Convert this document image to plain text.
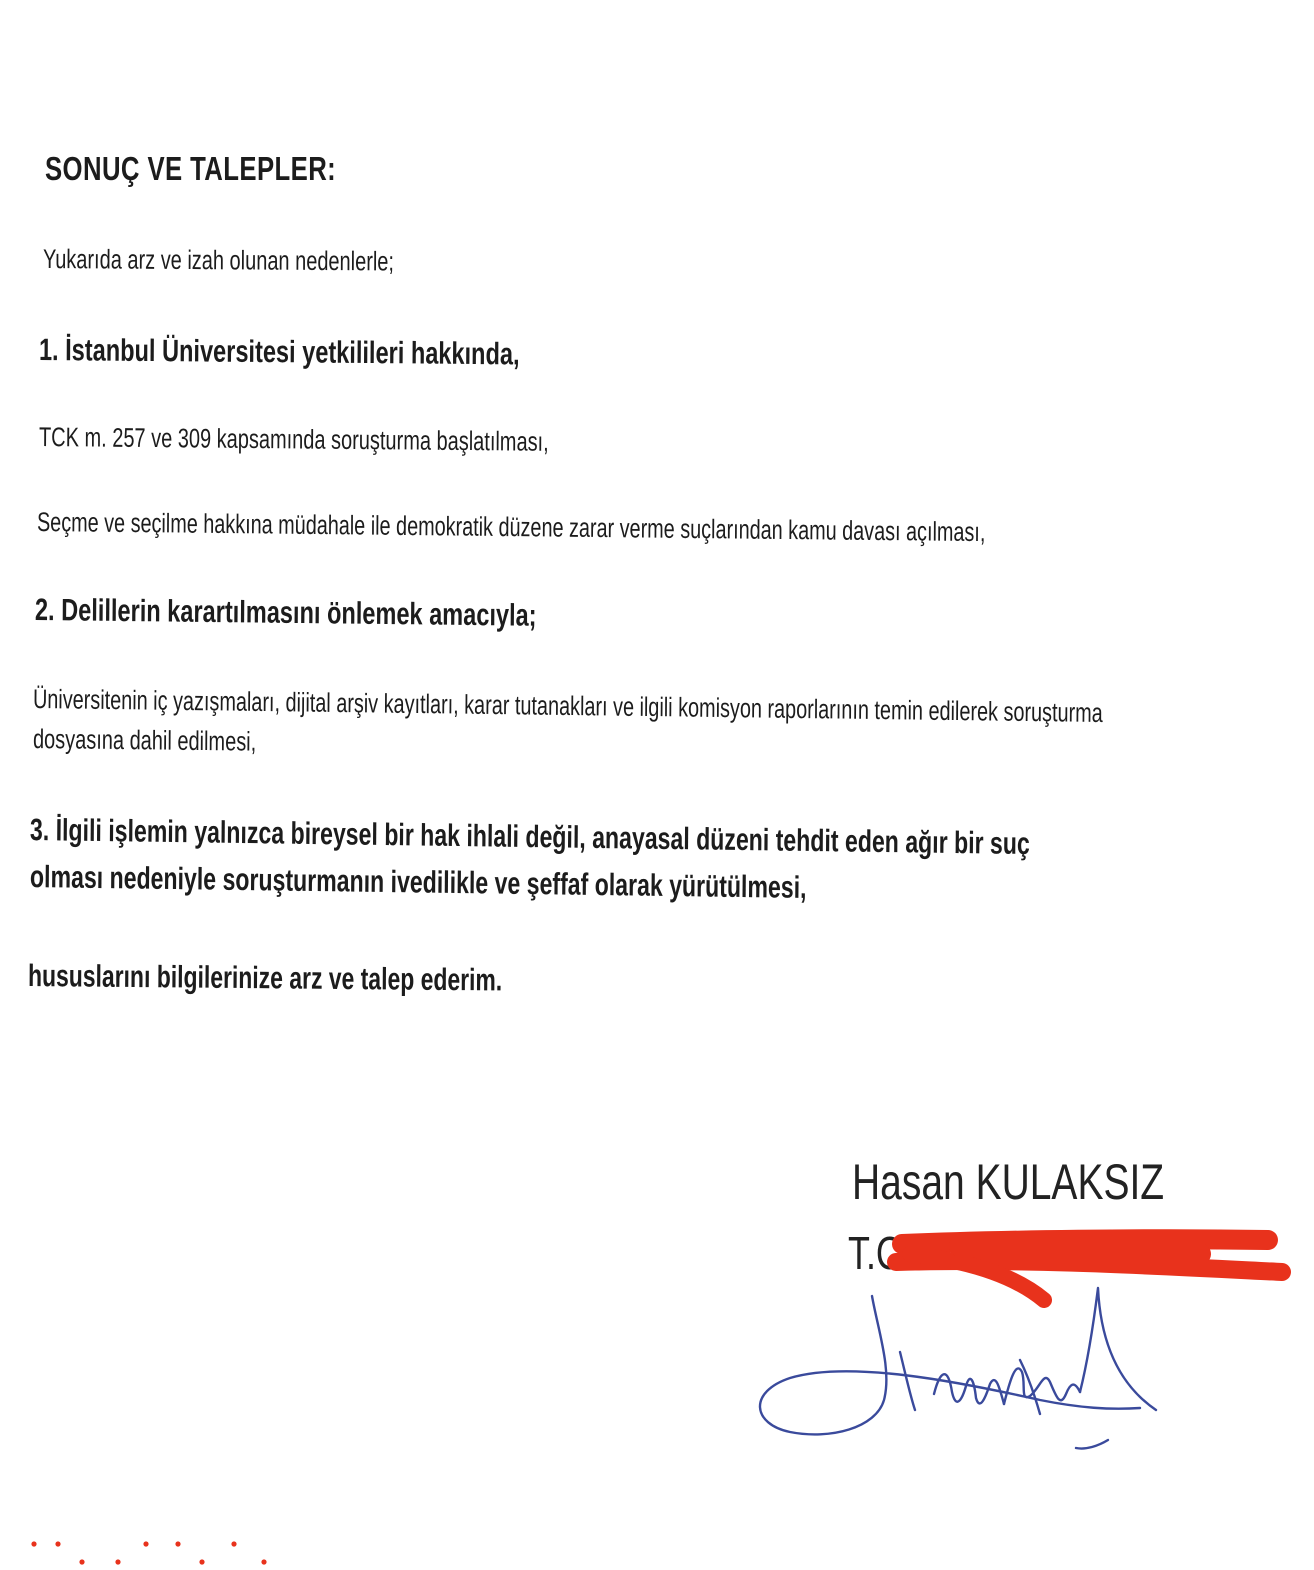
SONUÇ VE TALEPLER:

Yukarıda arz ve izah olunan nedenlerle;

1. İstanbul Üniversitesi yetkilileri hakkında,

TCK m. 257 ve 309 kapsamında soruşturma başlatılması,

Seçme ve seçilme hakkına müdahale ile demokratik düzene zarar verme suçlarından kamu davası açılması,

2. Delillerin karartılmasını önlemek amacıyla;

Üniversitenin iç yazışmaları, dijital arşiv kayıtları, karar tutanakları ve ilgili komisyon raporlarının temin edilerek soruşturma

dosyasına dahil edilmesi,

3. İlgili işlemin yalnızca bireysel bir hak ihlali değil, anayasal düzeni tehdit eden ağır bir suç

olması nedeniyle soruşturmanın ivedilikle ve şeffaf olarak yürütülmesi,

hususlarını bilgilerinize arz ve talep ederim.

Hasan KULAKSIZ
T.C
